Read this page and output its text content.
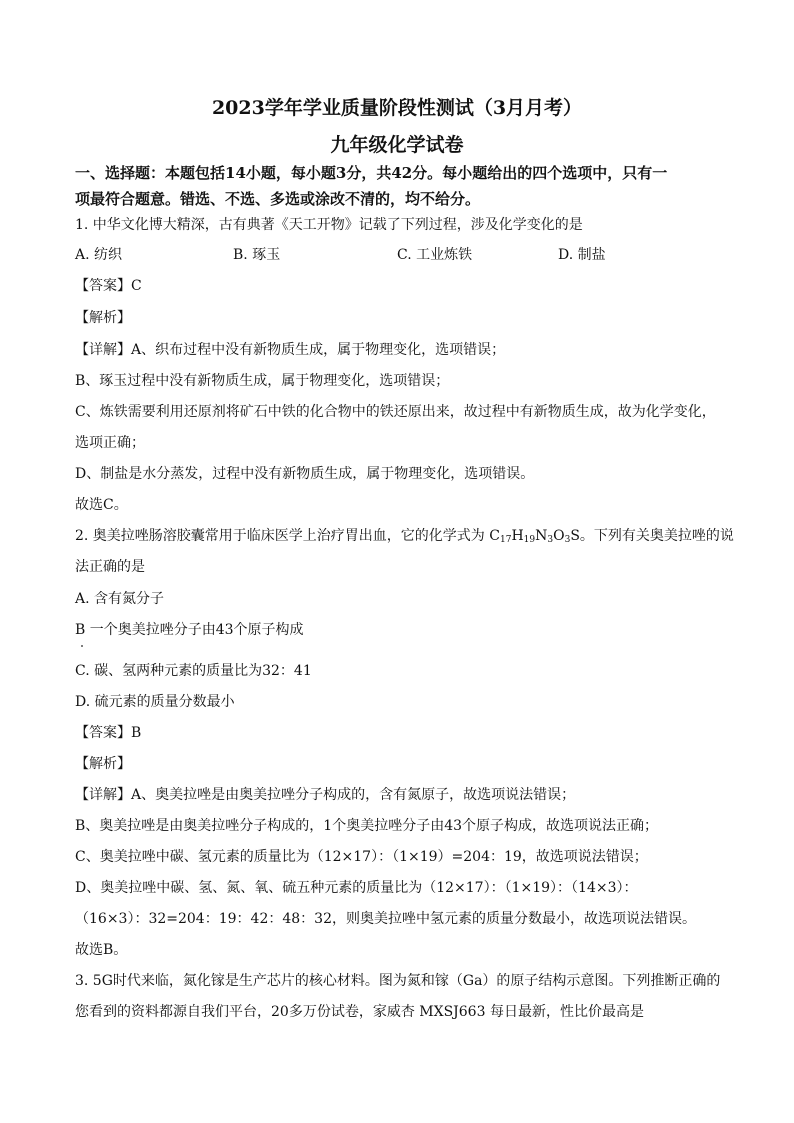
2023学年学业质量阶段性测试（3月月考）
九年级化学试卷
一、选择题：本题包括14小题，每小题3分，共42分。每小题给出的四个选项中，只有一
项最符合题意。错选、不选、多选或涂改不清的，均不给分。
1. 中华文化博大精深，古有典著《天工开物》记载了下列过程，涉及化学变化的是
A. 纺织	B. 琢玉	C. 工业炼铁	D. 制盐
【答案】C
【解析】
【详解】A、织布过程中没有新物质生成，属于物理变化，选项错误；
B、琢玉过程中没有新物质生成，属于物理变化，选项错误；
C、炼铁需要利用还原剂将矿石中铁的化合物中的铁还原出来，故过程中有新物质生成，故为化学变化，
选项正确；
D、制盐是水分蒸发，过程中没有新物质生成，属于物理变化，选项错误。
故选C。
2. 奥美拉唑肠溶胶囊常用于临床医学上治疗胃出血，它的化学式为 $C_{17}H_{19}N_3O_3S$。下列有关奥美拉唑的说
法正确的是
A. 含有氮分子
B 一个奥美拉唑分子由43个原子构成
C. 碳、氢两种元素的质量比为32：41
D. 硫元素的质量分数最小
【答案】B
【解析】
【详解】A、奥美拉唑是由奥美拉唑分子构成的，含有氮原子，故选项说法错误；
B、奥美拉唑是由奥美拉唑分子构成的，1个奥美拉唑分子由43个原子构成，故选项说法正确；
C、奥美拉唑中碳、氢元素的质量比为（12×17）：（1×19）=204：19，故选项说法错误；
D、奥美拉唑中碳、氢、氮、氧、硫五种元素的质量比为（12×17）：（1×19）：（14×3）：
（16×3）：32=204：19：42：48：32，则奥美拉唑中氢元素的质量分数最小，故选项说法错误。
故选B。
3. 5G时代来临，氮化镓是生产芯片的核心材料。图为氮和镓（Ga）的原子结构示意图。下列推断正确的
您看到的资料都源自我们平台，20多万份试卷，家威杏 MXSJ663 每日最新，性比价最高是
